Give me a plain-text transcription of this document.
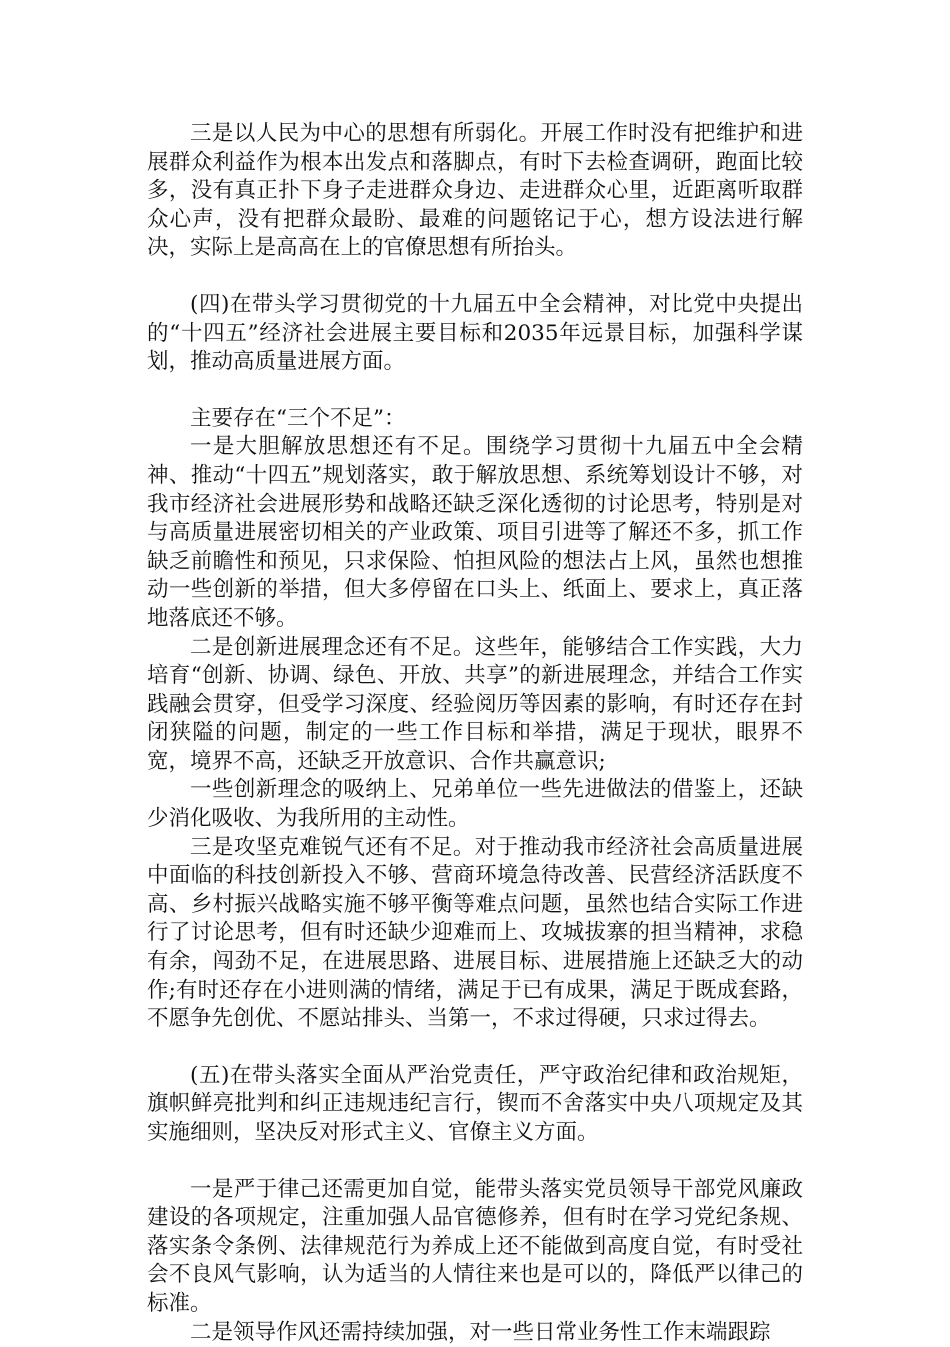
三是以人民为中心的思想有所弱化。开展工作时没有把维护和进展群众利益作为根本出发点和落脚点，有时下去检查调研，跑面比较多，没有真正扑下身子走进群众身边、走进群众心里，近距离听取群众心声，没有把群众最盼、最难的问题铭记于心，想方设法进行解决，实际上是高高在上的官僚思想有所抬头。

(四)在带头学习贯彻党的十九届五中全会精神，对比党中央提出的“十四五”经济社会进展主要目标和2035年远景目标，加强科学谋划，推动高质量进展方面。

主要存在“三个不足”：

一是大胆解放思想还有不足。围绕学习贯彻十九届五中全会精神、推动“十四五”规划落实，敢于解放思想、系统筹划设计不够，对我市经济社会进展形势和战略还缺乏深化透彻的讨论思考，特别是对与高质量进展密切相关的产业政策、项目引进等了解还不多，抓工作缺乏前瞻性和预见，只求保险、怕担风险的想法占上风，虽然也想推动一些创新的举措，但大多停留在口头上、纸面上、要求上，真正落地落底还不够。

二是创新进展理念还有不足。这些年，能够结合工作实践，大力培育“创新、协调、绿色、开放、共享”的新进展理念，并结合工作实践融会贯穿，但受学习深度、经验阅历等因素的影响，有时还存在封闭狭隘的问题，制定的一些工作目标和举措，满足于现状，眼界不宽，境界不高，还缺乏开放意识、合作共赢意识;

一些创新理念的吸纳上、兄弟单位一些先进做法的借鉴上，还缺少消化吸收、为我所用的主动性。

三是攻坚克难锐气还有不足。对于推动我市经济社会高质量进展中面临的科技创新投入不够、营商环境急待改善、民营经济活跃度不高、乡村振兴战略实施不够平衡等难点问题，虽然也结合实际工作进行了讨论思考，但有时还缺少迎难而上、攻城拔寨的担当精神，求稳有余，闯劲不足，在进展思路、进展目标、进展措施上还缺乏大的动作;有时还存在小进则满的情绪，满足于已有成果，满足于既成套路，不愿争先创优、不愿站排头、当第一，不求过得硬，只求过得去。

(五)在带头落实全面从严治党责任，严守政治纪律和政治规矩，旗帜鲜亮批判和纠正违规违纪言行，锲而不舍落实中央八项规定及其实施细则，坚决反对形式主义、官僚主义方面。

一是严于律己还需更加自觉，能带头落实党员领导干部党风廉政建设的各项规定，注重加强人品官德修养，但有时在学习党纪条规、落实条令条例、法律规范行为养成上还不能做到高度自觉，有时受社会不良风气影响，认为适当的人情往来也是可以的，降低严以律己的标准。

二是领导作风还需持续加强，对一些日常业务性工作末端跟踪
